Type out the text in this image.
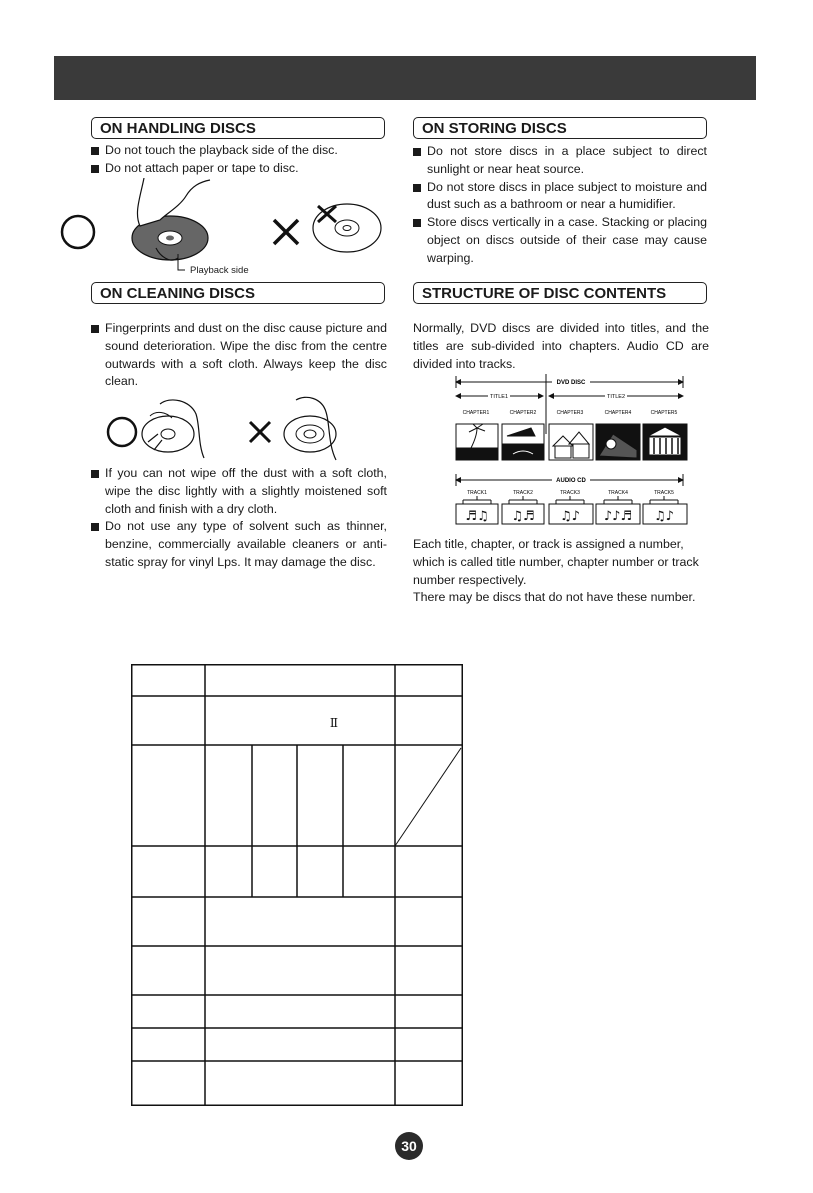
ON HANDLING DISCS
Do not touch the playback side of the disc.
Do not attach paper or tape to disc.
Playback side
ON STORING DISCS
Do not store discs in a place subject to direct sunlight or near heat source.
Do not store discs in place subject to moisture and dust such as a bathroom or near a humidifier.
Store discs vertically in a case. Stacking or placing object on discs outside of their case may cause warping.
ON CLEANING DISCS
Fingerprints and dust on the disc cause picture and sound deterioration. Wipe the disc from the centre outwards with a soft cloth. Always keep the disc clean.
If you can not wipe off the dust with a soft cloth, wipe the disc lightly with a slightly moistened soft cloth and finish with a dry cloth.
Do not use any type of solvent such as thinner, benzine, commercially available cleaners or anti-static spray for vinyl Lps. It may damage the disc.
STRUCTURE OF DISC CONTENTS

Normally, DVD discs are divided into titles, and the titles are sub-divided into chapters. Audio CD are divided into tracks.

DVD DISC
TITLE1	TITLE2
CHAPTER1	CHAPTER2	CHAPTER3	CHAPTER4	CHAPTER5
AUDIO CD
TRACK1	TRACK2	TRACK3	TRACK4	TRACK5
♬♫ ♫♬ ♫♪ ♪♪♬ ♫♪

Each title, chapter, or track is assigned a number, which is called title number, chapter number or track number respectively.

There may be discs that do not have these number.

Ⅱ
30
